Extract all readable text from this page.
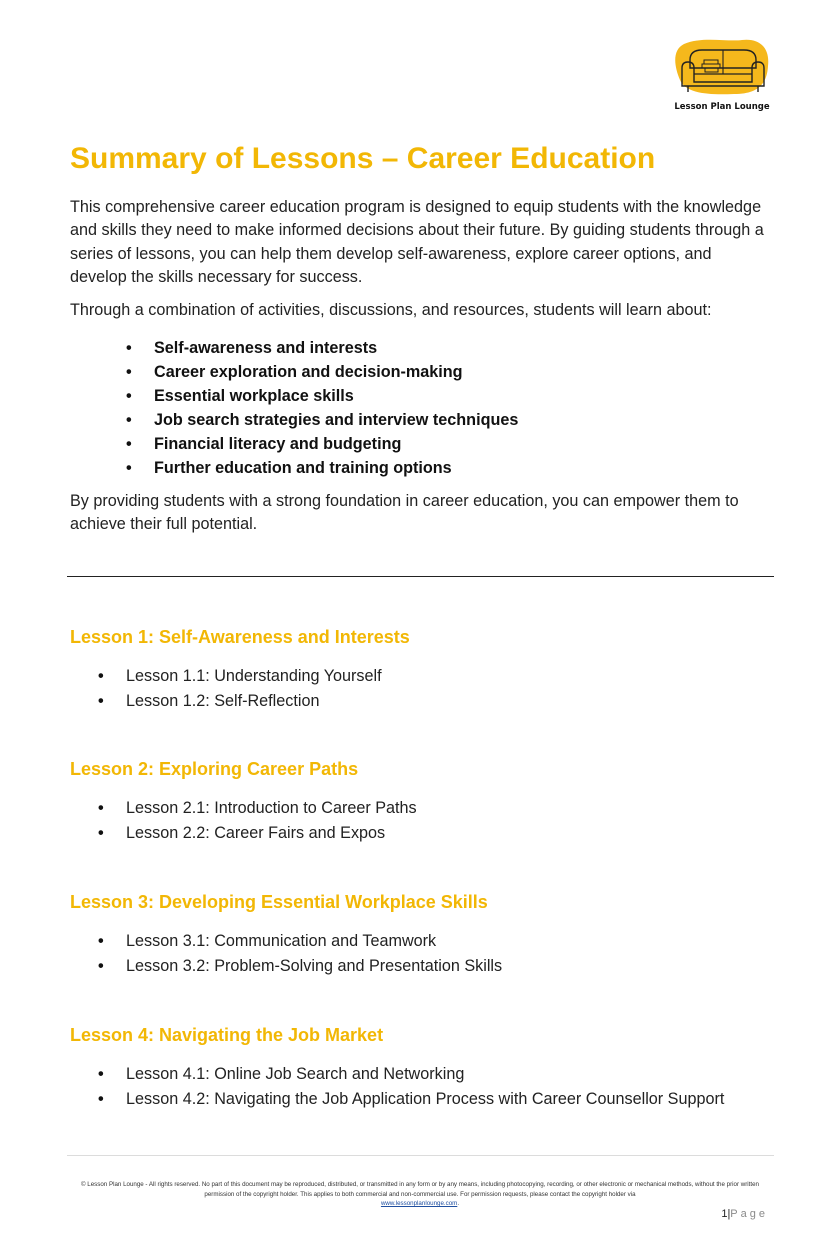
Lesson Plan Lounge
Summary of Lessons – Career Education

This comprehensive career education program is designed to equip students with the knowledge and skills they need to make informed decisions about their future. By guiding students through a series of lessons, you can help them develop self-awareness, explore career options, and develop the skills necessary for success.

Through a combination of activities, discussions, and resources, students will learn about:

• Self-awareness and interests
• Career exploration and decision-making
• Essential workplace skills
• Job search strategies and interview techniques
• Financial literacy and budgeting
• Further education and training options

By providing students with a strong foundation in career education, you can empower them to achieve their full potential.

Lesson 1: Self-Awareness and Interests
• Lesson 1.1: Understanding Yourself
• Lesson 1.2: Self-Reflection
Lesson 2: Exploring Career Paths
• Lesson 2.1: Introduction to Career Paths
• Lesson 2.2: Career Fairs and Expos
Lesson 3: Developing Essential Workplace Skills
• Lesson 3.1: Communication and Teamwork
• Lesson 3.2: Problem-Solving and Presentation Skills
Lesson 4: Navigating the Job Market
• Lesson 4.1: Online Job Search and Networking
• Lesson 4.2: Navigating the Job Application Process with Career Counsellor Support

© Lesson Plan Lounge - All rights reserved. No part of this document may be reproduced, distributed, or transmitted in any form or by any means, including photocopying, recording, or other electronic or mechanical methods, without the prior written permission of the copyright holder. This applies to both commercial and non-commercial use. For permission requests, please contact the copyright holder via
www.lessonplanlounge.com.

1|Page
